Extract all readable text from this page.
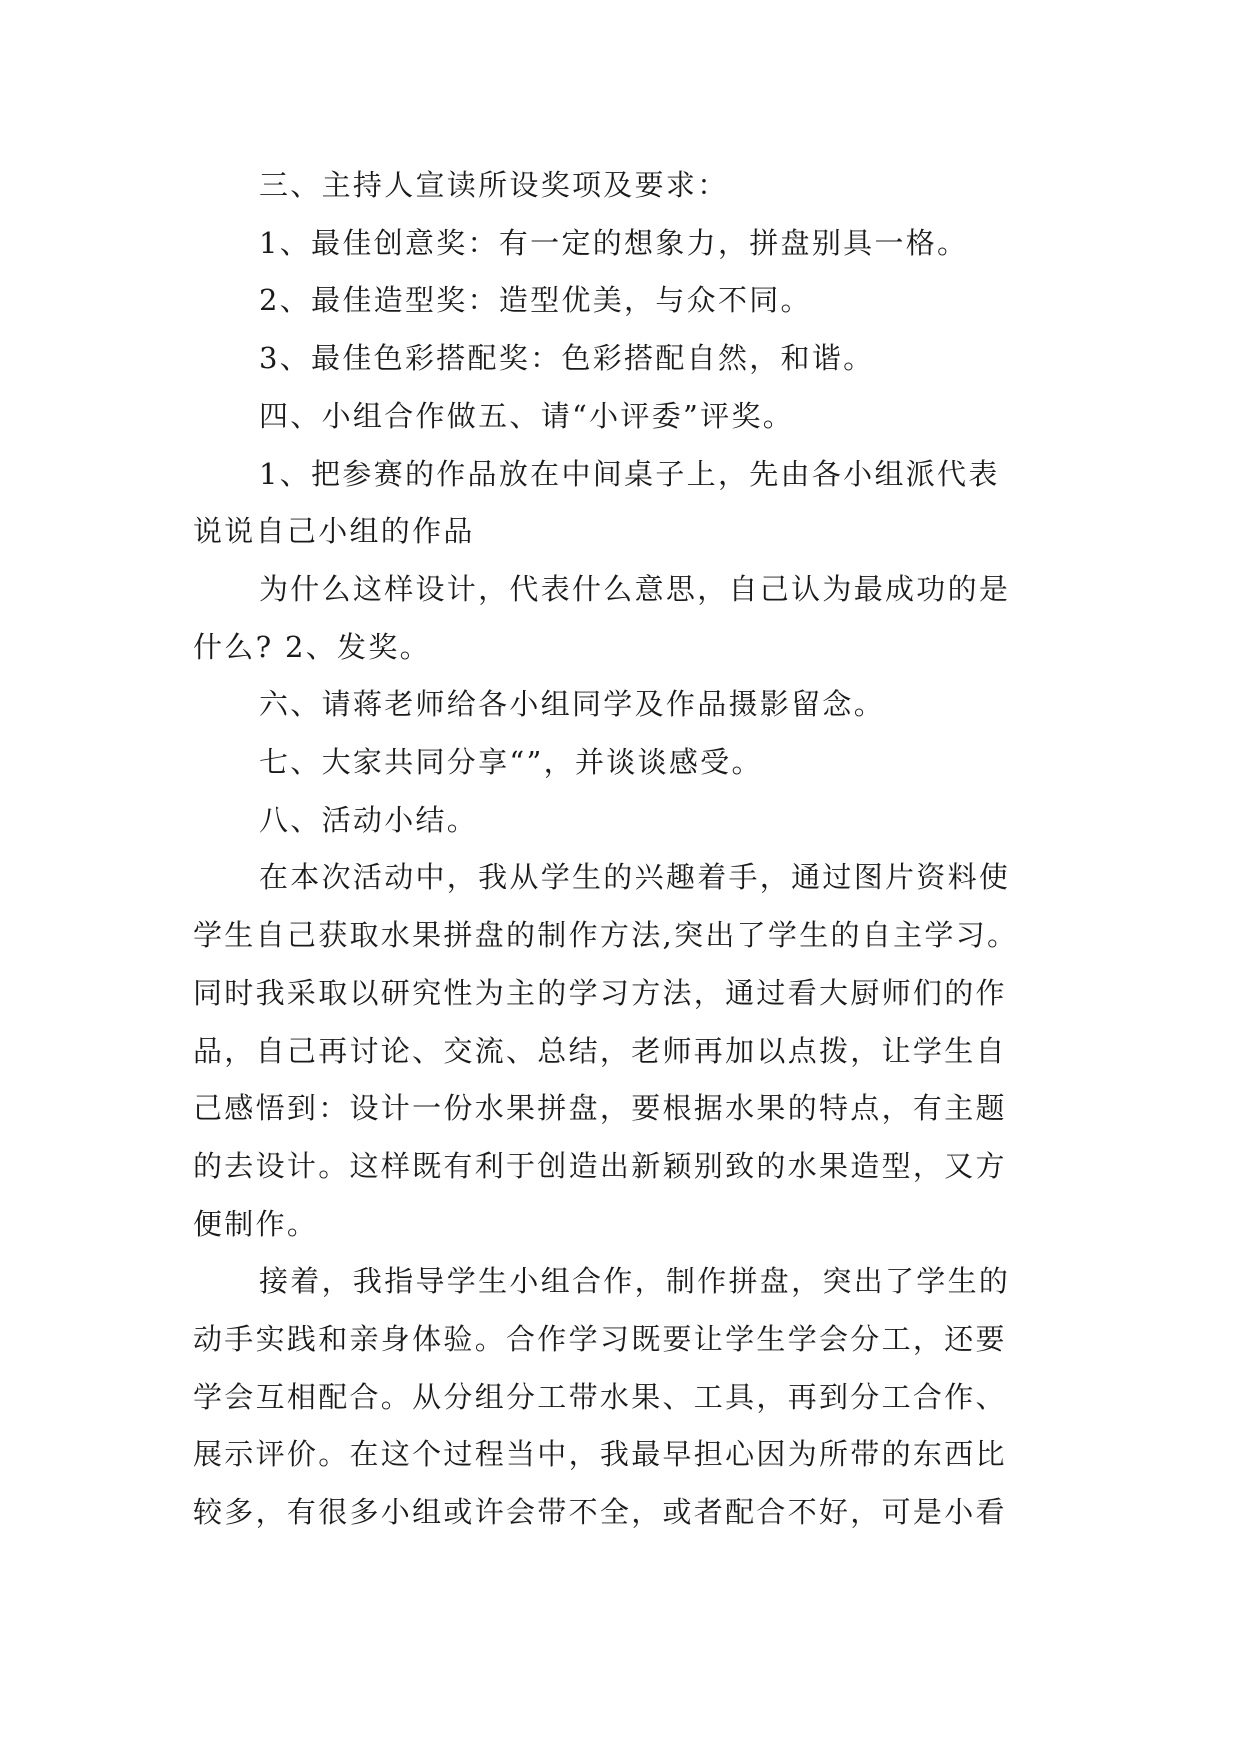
三、主持人宣读所设奖项及要求：

1、最佳创意奖：有一定的想象力，拼盘别具一格。

2、最佳造型奖：造型优美，与众不同。

3、最佳色彩搭配奖：色彩搭配自然，和谐。

四、小组合作做五、请“小评委”评奖。

1、把参赛的作品放在中间桌子上，先由各小组派代表
说说自己小组的作品

为什么这样设计，代表什么意思，自己认为最成功的是
什么? 2、发奖。

六、请蒋老师给各小组同学及作品摄影留念。

七、大家共同分享“”，并谈谈感受。

八、活动小结。

在本次活动中，我从学生的兴趣着手，通过图片资料使
学生自己获取水果拼盘的制作方法,突出了学生的自主学习。
同时我采取以研究性为主的学习方法，通过看大厨师们的作
品，自己再讨论、交流、总结，老师再加以点拨，让学生自
己感悟到：设计一份水果拼盘，要根据水果的特点，有主题
的去设计。这样既有利于创造出新颖别致的水果造型，又方
便制作。

接着，我指导学生小组合作，制作拼盘，突出了学生的
动手实践和亲身体验。合作学习既要让学生学会分工，还要
学会互相配合。从分组分工带水果、工具，再到分工合作、
展示评价。在这个过程当中，我最早担心因为所带的东西比
较多，有很多小组或许会带不全，或者配合不好，可是小看
